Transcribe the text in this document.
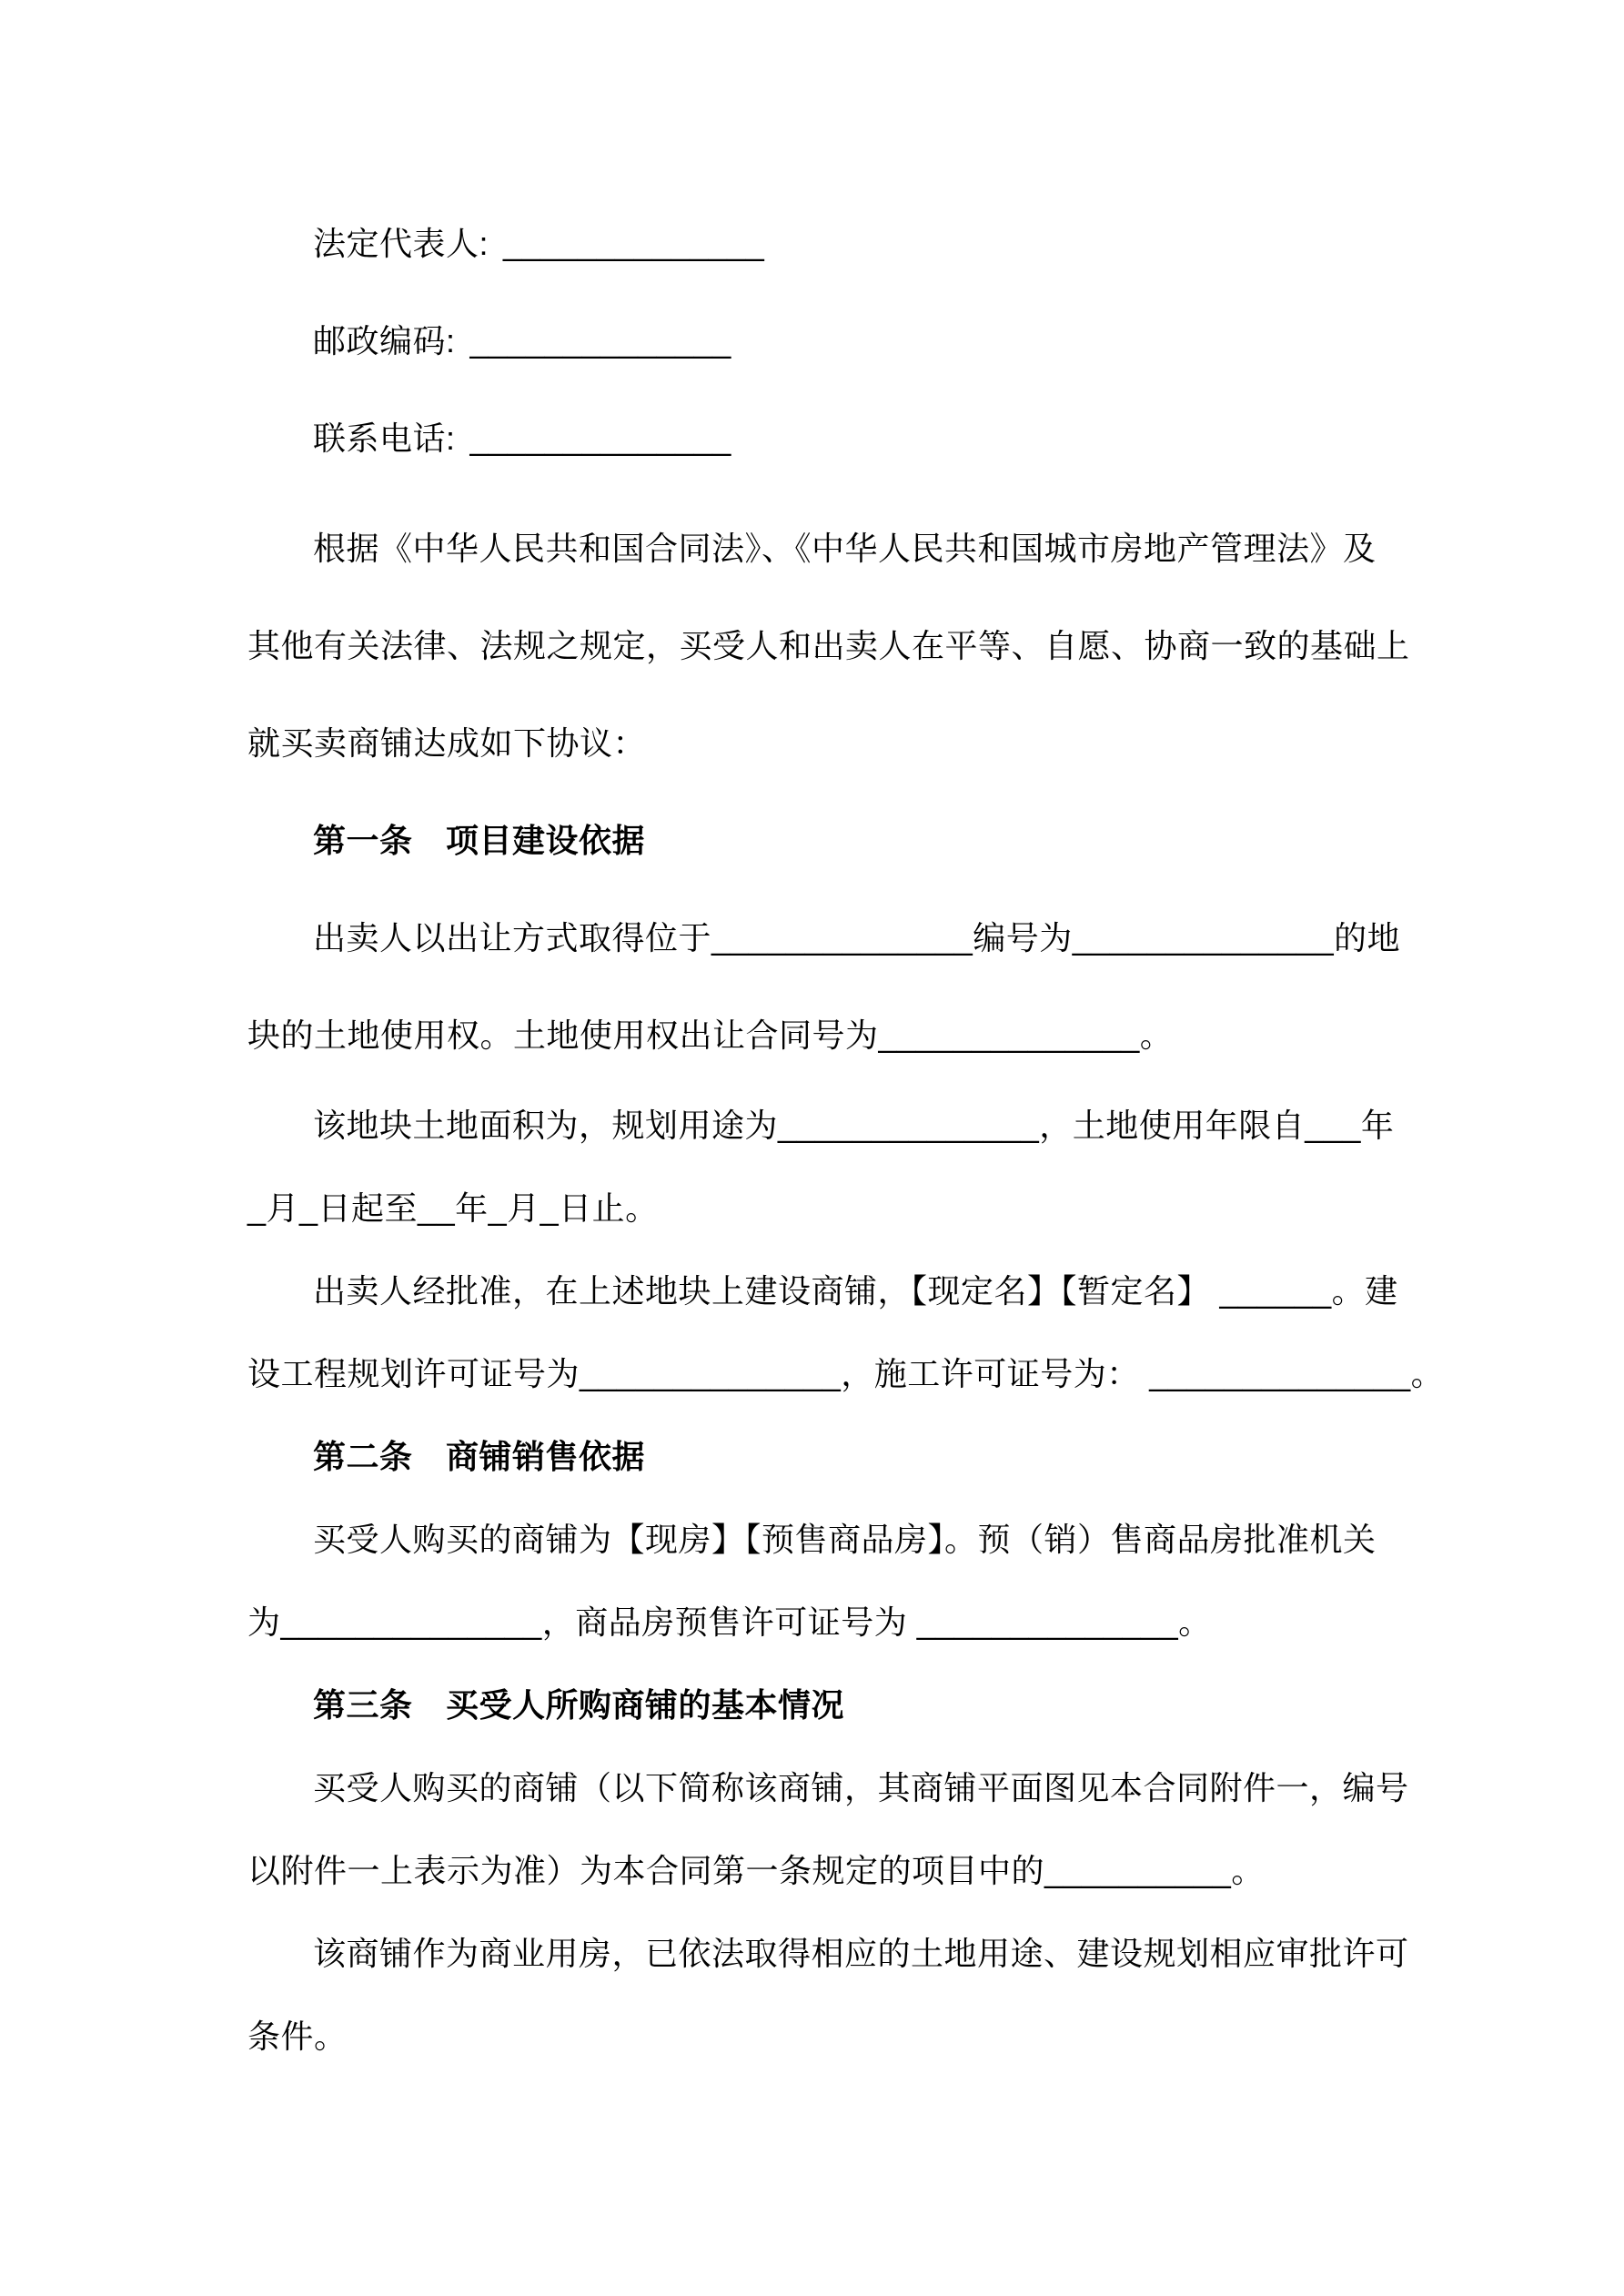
法定代表人: ______________
邮政编码: ______________
联系电话: ______________
根据《中华人民共和国合同法》、《中华人民共和国城市房地产管理法》及
其他有关法律、法规之规定，买受人和出卖人在平等、自愿、协商一致的基础上
就买卖商铺达成如下协议：
第一条　项目建设依据
出卖人以出让方式取得位于______________编号为______________的地
块的土地使用权。土地使用权出让合同号为______________。
该地块土地面积为，规划用途为______________，土地使用年限自___年
_月_日起至__年_月_日止。
出卖人经批准，在上述地块上建设商铺，【现定名】【暂定名】 ______。建
设工程规划许可证号为______________，施工许可证号为： ______________。
第二条　商铺销售依据
买受人购买的商铺为【现房】【预售商品房】。预（销）售商品房批准机关
为______________，商品房预售许可证号为 ______________。
第三条　买受人所购商铺的基本情况
买受人购买的商铺（以下简称该商铺，其商铺平面图见本合同附件一，编号
以附件一上表示为准）为本合同第一条规定的项目中的__________。
该商铺作为商业用房，已依法取得相应的土地用途、建设规划相应审批许可
条件。
